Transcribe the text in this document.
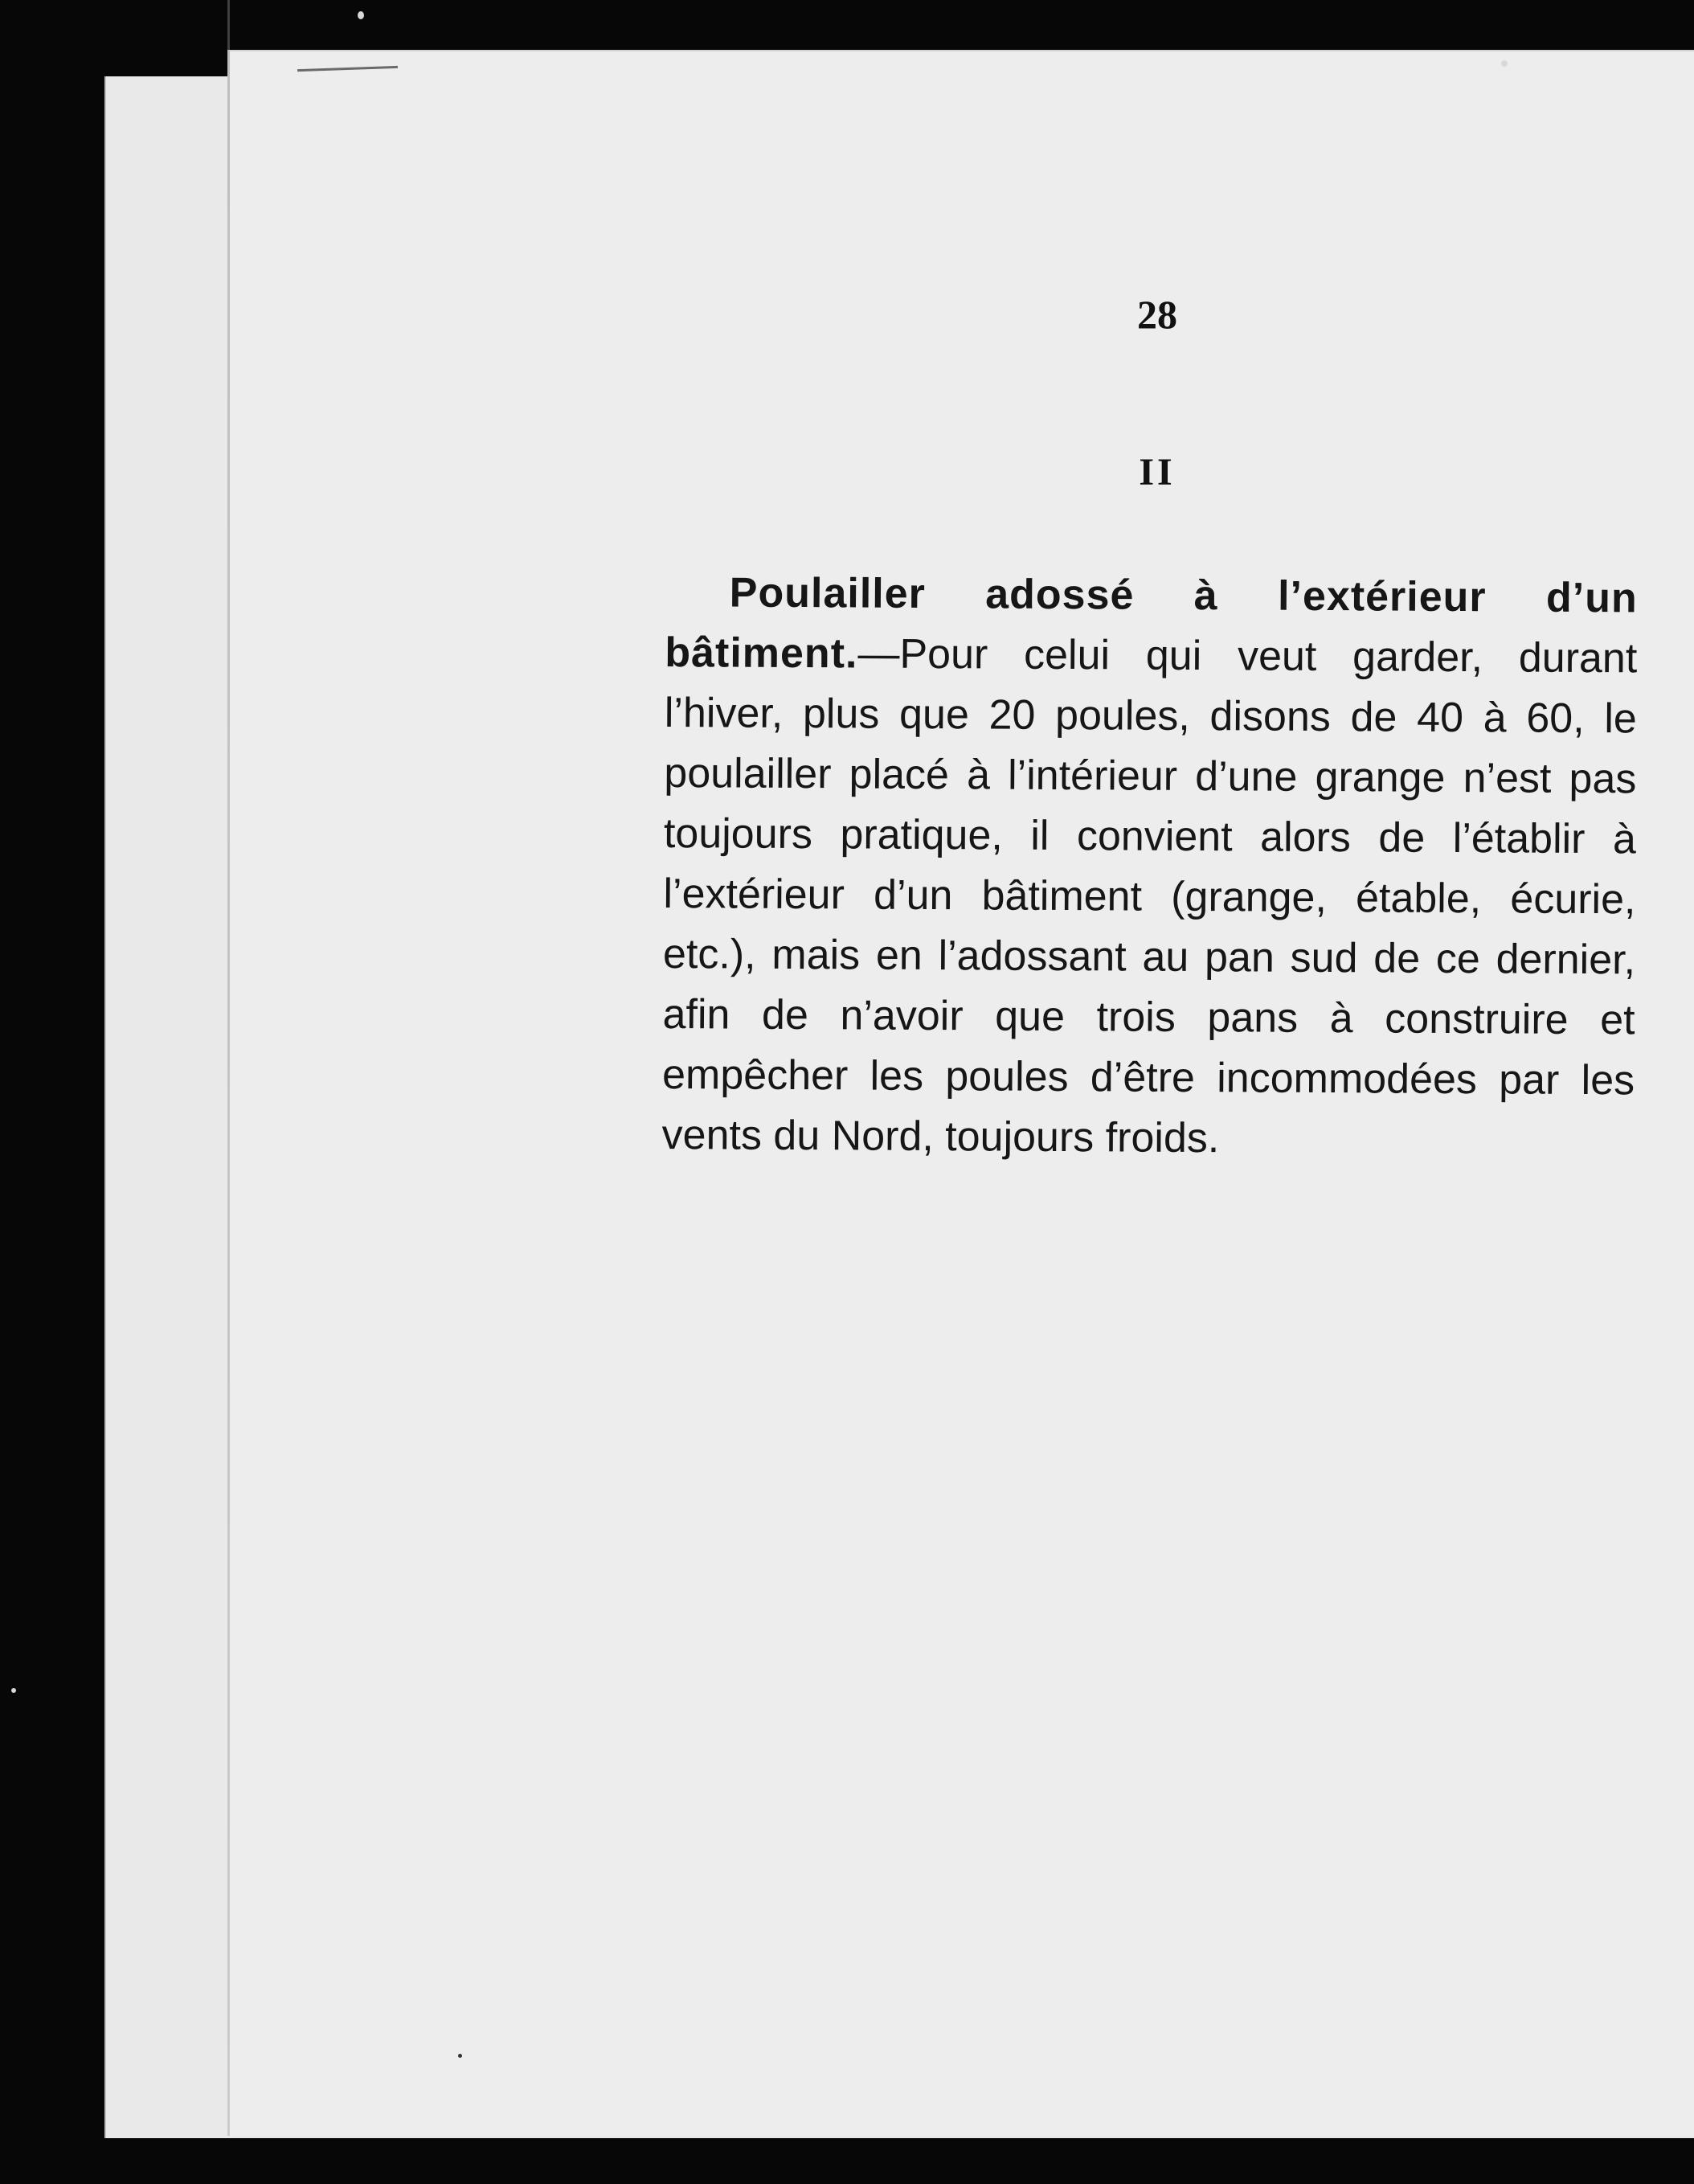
28
II
Poulailler adossé à l’extérieur d’un bâtiment.—Pour celui qui veut garder, durant l’hiver, plus que 20 poules, disons de 40 à 60, le poulailler placé à l’intérieur d’une grange n’est pas toujours pratique, il convient alors de l’établir à l’extérieur d’un bâtiment (grange, étable, écurie, etc.), mais en l’adossant au pan sud de ce dernier, afin de n’avoir que trois pans à construire et empêcher les poules d’être incommodées par les vents du Nord, toujours froids.
